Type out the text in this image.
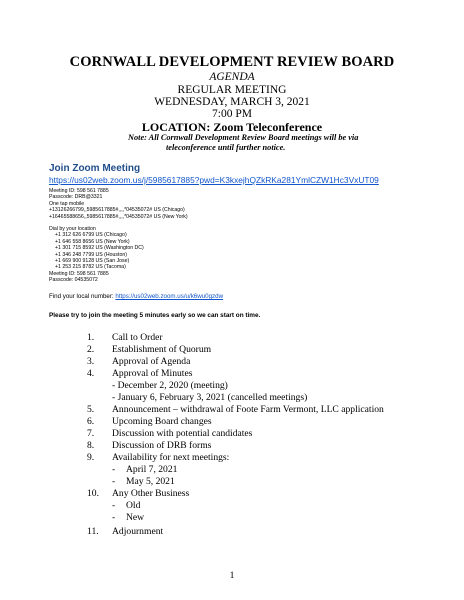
CORNWALL DEVELOPMENT REVIEW BOARD
AGENDA
REGULAR MEETING
WEDNESDAY, MARCH 3, 2021
7:00 PM
LOCATION: Zoom Teleconference
Note: All Cornwall Development Review Board meetings will be via
teleconference until further notice.
Join Zoom Meeting
https://us02web.zoom.us/j/5985617885?pwd=K3kxejhQZkRKa281YmlCZW1Hc3VxUT09
Meeting ID: 598 561 7885
Passcode: DRB@3321
One tap mobile
+13126266799,,5985617885#,,,,*04535072# US (Chicago)
+16465588656,,5985617885#,,,,*04535072# US (New York)
Dial by your location
+1 312 626 6799 US (Chicago)
+1 646 558 8656 US (New York)
+1 301 715 8592 US (Washington DC)
+1 346 248 7799 US (Houston)
+1 669 900 9128 US (San Jose)
+1 253 215 8782 US (Tacoma)
Meeting ID: 598 561 7885
Passcode: 04535072
Find your local number: https://us02web.zoom.us/u/k6wu0gzdw
Please try to join the meeting 5 minutes early so we can start on time.
1. Call to Order
2. Establishment of Quorum
3. Approval of Agenda
4. Approval of Minutes
- December 2, 2020 (meeting)
- January 6, February 3, 2021 (cancelled meetings)
5. Announcement – withdrawal of Foote Farm Vermont, LLC application
6. Upcoming Board changes
7. Discussion with potential candidates
8. Discussion of DRB forms
9. Availability for next meetings:
- April 7, 2021
- May 5, 2021
10. Any Other Business
- Old
- New
11. Adjournment
1
